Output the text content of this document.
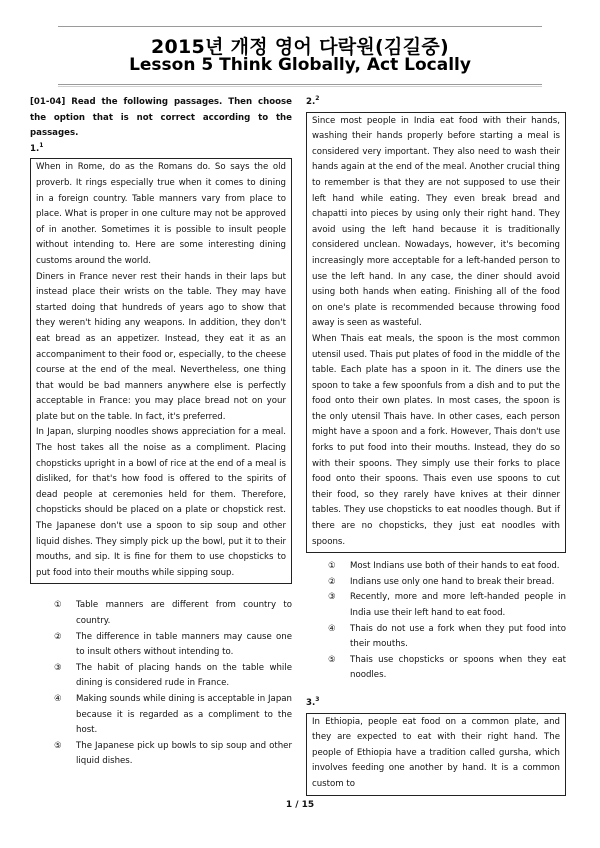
2015년 개정 영어 다락원(김길중)
Lesson 5 Think Globally, Act Locally

[01-04] Read the following passages. Then choose the option that is not correct according to the passages.

1.$^1$

When in Rome, do as the Romans do. So says the old proverb. It rings especially true when it comes to dining in a foreign country. Table manners vary from place to place. What is proper in one culture may not be approved of in another. Sometimes it is possible to insult people without intending to. Here are some interesting dining customs around the world.

Diners in France never rest their hands in their laps but instead place their wrists on the table. They may have started doing that hundreds of years ago to show that they weren't hiding any weapons. In addition, they don't eat bread as an appetizer. Instead, they eat it as an accompaniment to their food or, especially, to the cheese course at the end of the meal. Nevertheless, one thing that would be bad manners anywhere else is perfectly acceptable in France: you may place bread not on your plate but on the table. In fact, it's preferred.

In Japan, slurping noodles shows appreciation for a meal. The host takes all the noise as a compliment. Placing chopsticks upright in a bowl of rice at the end of a meal is disliked, for that's how food is offered to the spirits of dead people at ceremonies held for them. Therefore, chopsticks should be placed on a plate or chopstick rest. The Japanese don't use a spoon to sip soup and other liquid dishes. They simply pick up the bowl, put it to their mouths, and sip. It is fine for them to use chopsticks to put food into their mouths while sipping soup.

①	Table manners are different from country to country.
②	The difference in table manners may cause one to insult others without intending to.
③	The habit of placing hands on the table while dining is considered rude in France.
④	Making sounds while dining is acceptable in Japan because it is regarded as a compliment to the host.
⑤	The Japanese pick up bowls to sip soup and other liquid dishes.

2.$^2$

Since most people in India eat food with their hands, washing their hands properly before starting a meal is considered very important. They also need to wash their hands again at the end of the meal. Another crucial thing to remember is that they are not supposed to use their left hand while eating. They even break bread and chapatti into pieces by using only their right hand. They avoid using the left hand because it is traditionally considered unclean. Nowadays, however, it's becoming increasingly more acceptable for a left-handed person to use the left hand. In any case, the diner should avoid using both hands when eating. Finishing all of the food on one's plate is recommended because throwing food away is seen as wasteful.

When Thais eat meals, the spoon is the most common utensil used. Thais put plates of food in the middle of the table. Each plate has a spoon in it. The diners use the spoon to take a few spoonfuls from a dish and to put the food onto their own plates. In most cases, the spoon is the only utensil Thais have. In other cases, each person might have a spoon and a fork. However, Thais don't use forks to put food into their mouths. Instead, they do so with their spoons. They simply use their forks to place food onto their spoons. Thais even use spoons to cut their food, so they rarely have knives at their dinner tables. They use chopsticks to eat noodles though. But if there are no chopsticks, they just eat noodles with spoons.

①	Most Indians use both of their hands to eat food.
②	Indians use only one hand to break their bread.
③	Recently, more and more left-handed people in India use their left hand to eat food.
④	Thais do not use a fork when they put food into their mouths.
⑤	Thais use chopsticks or spoons when they eat noodles.

3.$^3$

In Ethiopia, people eat food on a common plate, and they are expected to eat with their right hand. The people of Ethiopia have a tradition called gursha, which involves feeding one another by hand. It is a common custom to

1 / 15
